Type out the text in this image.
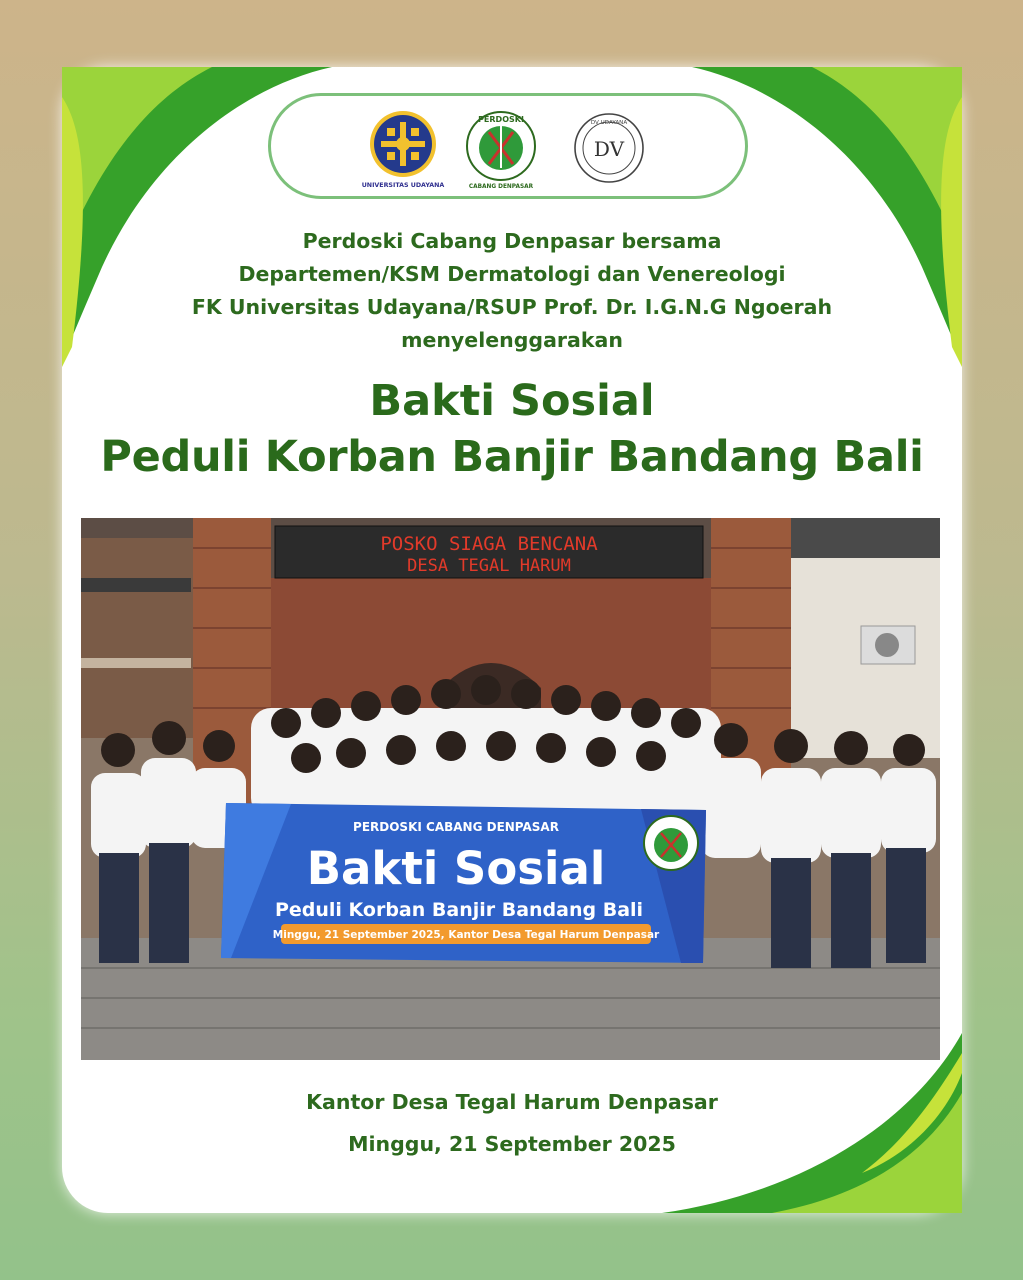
UNIVERSITAS UDAYANA
PERDOSKI
CABANG DENPASAR
DV UDAYANA
DV
Perdoski Cabang Denpasar bersama
Departemen/KSM Dermatologi dan Venereologi
FK Universitas Udayana/RSUP Prof. Dr. I.G.N.G Ngoerah
menyelenggarakan
Bakti Sosial
Peduli Korban Banjir Bandang Bali
POSKO SIAGA BENCANA
DESA TEGAL HARUM
PERDOSKI CABANG DENPASAR
Bakti Sosial
Peduli Korban Banjir Bandang Bali
Minggu, 21 September 2025, Kantor Desa Tegal Harum Denpasar
Kantor Desa Tegal Harum Denpasar
Minggu, 21 September 2025
